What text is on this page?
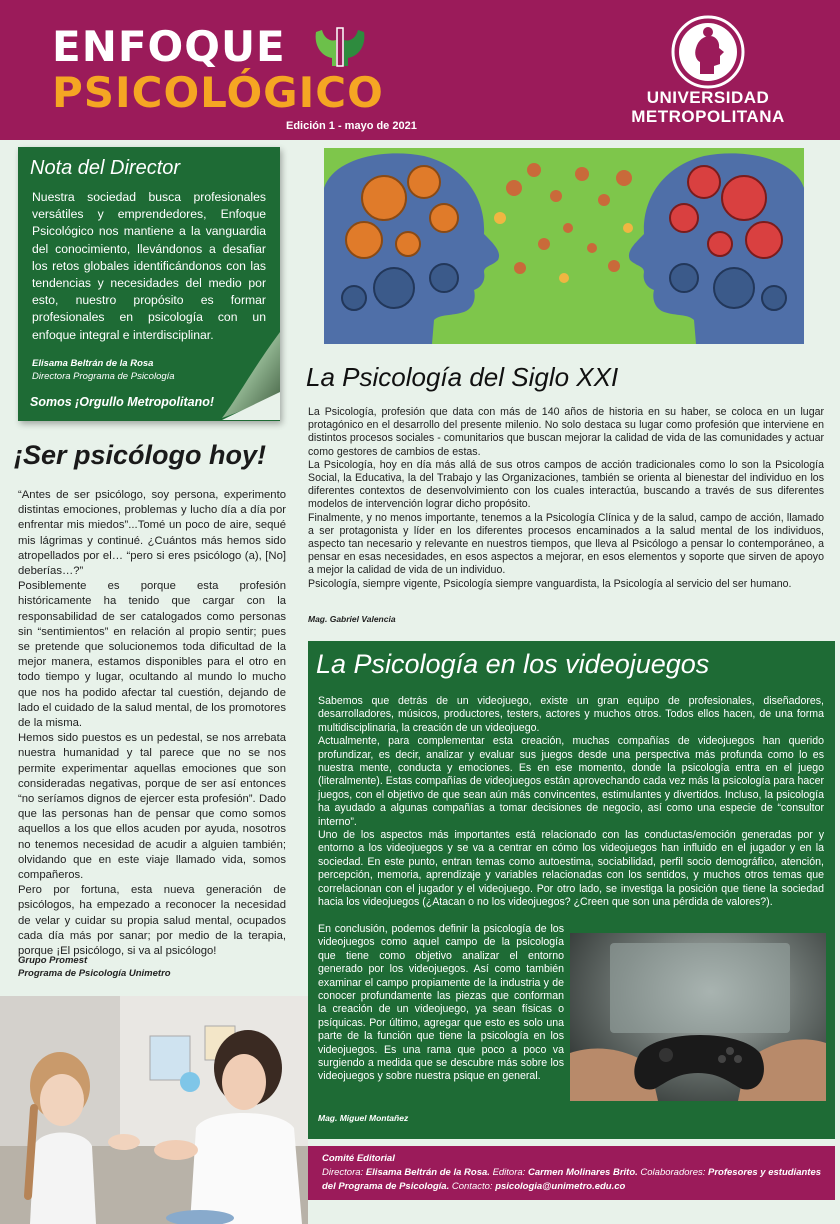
ENFOQUE
PSICOLÓGICO
Edición 1 - mayo de 2021
UNIVERSIDAD
METROPOLITANA
Nota del Director
Nuestra sociedad busca profesionales versátiles y emprendedores, Enfoque Psicológico nos mantiene a la vanguardia del conocimiento, llevándonos a desafiar los retos globales identificándonos con las tendencias y necesidades del medio por esto, nuestro propósito es formar profesionales en psicología con un enfoque integral e interdisciplinar.
Elisama Beltrán de la Rosa
Directora Programa de Psicología
Somos ¡Orgullo Metropolitano!
¡Ser psicólogo hoy!

“Antes de ser psicólogo, soy persona, experimento distintas emociones, problemas y lucho día a día por enfrentar mis miedos”...Tomé un poco de aire, sequé mis lágrimas y continué. ¿Cuántos más hemos sido atropellados por el… “pero si eres psicólogo (a), [No] deberías…?”

Posiblemente es porque esta profesión históricamente ha tenido que cargar con la responsabilidad de ser catalogados como personas sin “sentimientos” en relación al propio sentir; pues se pretende que solucionemos toda dificultad de la mejor manera, estamos disponibles para el otro en todo tiempo y lugar, ocultando al mundo lo mucho que nos ha podido afectar tal cuestión, dejando de lado el cuidado de la salud mental, de los promotores de la misma.

Hemos sido puestos es un pedestal, se nos arrebata nuestra humanidad y tal parece que no se nos permite experimentar aquellas emociones que son consideradas negativas, porque de ser así entonces “no seríamos dignos de ejercer esta profesión”. Dado que las personas han de pensar que como somos aquellos a los que ellos acuden por ayuda, nosotros no tenemos necesidad de acudir a alguien también; olvidando que en este viaje llamado vida, somos compañeros.

Pero por fortuna, esta nueva generación de psicólogos, ha empezado a reconocer la necesidad de velar y cuidar su propia salud mental, ocupados cada día más por sanar; por medio de la terapia, porque ¡El psicólogo, si va al psicólogo!

Grupo Promest
Programa de Psicología Unimetro
La Psicología del Siglo XXI

La Psicología, profesión que data con más de 140 años de historia en su haber, se coloca en un lugar protagónico en el desarrollo del presente milenio. No solo destaca su lugar como profesión que interviene en distintos procesos sociales - comunitarios que buscan mejorar la calidad de vida de las comunidades y actuar como gestores de cambios de estas.

La Psicología, hoy en día más allá de sus otros campos de acción tradicionales como lo son la Psicología Social, la Educativa, la del Trabajo y las Organizaciones, también se orienta al bienestar del individuo en los diferentes contextos de desenvolvimiento con los cuales interactúa, buscando a través de sus diferentes modelos de intervención lograr dicho propósito.

Finalmente, y no menos importante, tenemos a la Psicología Clínica y de la salud, campo de acción, llamado a ser protagonista y líder en los diferentes procesos encaminados a la salud mental de los individuos, aspecto tan necesario y relevante en nuestros tiempos, que lleva al Psicólogo a pensar lo contemporáneo, a pensar en esas necesidades, en esos aspectos a mejorar, en esos elementos y soporte que sirven de apoyo a mejor la calidad de vida de un individuo.

Psicología, siempre vigente, Psicología siempre vanguardista, la Psicología al servicio del ser humano.

Mag. Gabriel Valencia
La Psicología en los videojuegos

Sabemos que detrás de un videojuego, existe un gran equipo de profesionales, diseñadores, desarrolladores, músicos, productores, testers, actores y muchos otros. Todos ellos hacen, de una forma multidisciplinaria, la creación de un videojuego.

Actualmente, para complementar esta creación, muchas compañías de videojuegos han querido profundizar, es decir, analizar y evaluar sus juegos desde una perspectiva más profunda como lo es nuestra mente, conducta y emociones. Es en ese momento, donde la psicología entra en el juego (literalmente). Estas compañías de videojuegos están aprovechando cada vez más la psicología para hacer juegos, con el objetivo de que sean aún más convincentes, estimulantes y divertidos. Incluso, la psicología ha ayudado a algunas compañías a tomar decisiones de negocio, así como una especie de “consultor interno”.

Uno de los aspectos más importantes está relacionado con las conductas/emoción generadas por y entorno a los videojuegos y se va a centrar en cómo los videojuegos han influido en el jugador y en la sociedad. En este punto, entran temas como autoestima, sociabilidad, perfil socio demográfico, atención, percepción, memoria, aprendizaje y variables relacionadas con los sentidos, y muchos otros temas que correlacionan con el jugador y el videojuego. Por otro lado, se investiga la posición que tiene la sociedad hacia los videojuegos (¿Atacan o no los videojuegos? ¿Creen que son una pérdida de valores?).

En conclusión, podemos definir la psicología de los videojuegos como aquel campo de la psicología que tiene como objetivo analizar el entorno generado por los videojuegos. Así como también examinar el campo propiamente de la industria y de conocer profundamente las piezas que conforman la creación de un videojuego, ya sean físicas o psíquicas. Por último, agregar que esto es solo una parte de la función que tiene la psicología en los videojuegos. Es una rama que poco a poco va surgiendo a medida que se descubre más sobre los videojuegos y sobre nuestra psique en general.
Mag. Miguel Montañez
Comité Editorial
Directora: Elisama Beltrán de la Rosa. Editora: Carmen Molinares Brito. Colaboradores: Profesores y estudiantes del Programa de Psicología. Contacto: psicologia@unimetro.edu.co
